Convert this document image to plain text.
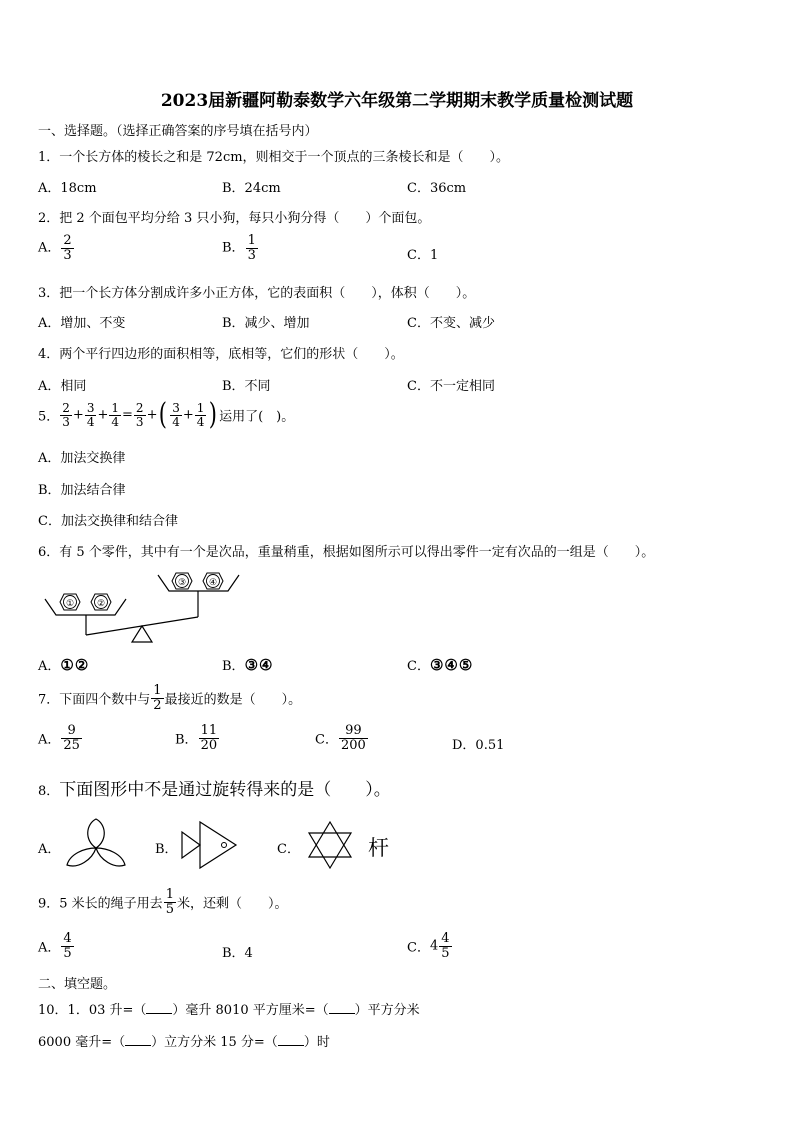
2023届新疆阿勒泰数学六年级第二学期期末教学质量检测试题
一、选择题。（选择正确答案的序号填在括号内）
1．一个长方体的棱长之和是 72cm，则相交于一个顶点的三条棱长和是（　　）。
A．18cm	B．24cm	C．36cm
2．把 2 个面包平均分给 3 只小狗，每只小狗分得（　　）个面包。
A． $\frac{2}{3}$	B． $\frac{1}{3}$	C．1
3．把一个长方体分割成许多小正方体，它的表面积（　　），体积（　　）。
A．增加、不变	B．减少、增加	C．不变、减少
4．两个平行四边形的面积相等，底相等，它们的形状（　　）。
A．相同	B．不同	C．不一定相同
5． $\frac{2}{3} + \frac{3}{4} + \frac{1}{4} = \frac{2}{3}$ +( $\frac{3}{4} + \frac{1}{4}$ ) 运用了(　)。
A．加法交换律
B．加法结合律
C．加法交换律和结合律
6．有 5 个零件，其中有一个是次品，重量稍重，根据如图所示可以得出零件一定有次品的一组是（　　）。
①	②
③	④
A．①②	B．③④	C．③④⑤
7．下面四个数中与 $\frac{1}{2}$ 最接近的数是（　　）。
A． $\frac{9}{25}$	B． $\frac{11}{20}$	C． $\frac{99}{200}$	D．0.51
8．下面图形中不是通过旋转得来的是（　　）。
A．	B．	C．	杆
9．5 米长的绳子用去 $\frac{1}{5}$ 米，还剩（　　）。
A． $\frac{4}{5}$	B．4	C．$4 \frac{4}{5}$
二、填空题。
10．1．03 升=（ ）毫升 8010 平方厘米=（ ）平方分米
6000 毫升=（ ）立方分米 15 分=（ ）时
